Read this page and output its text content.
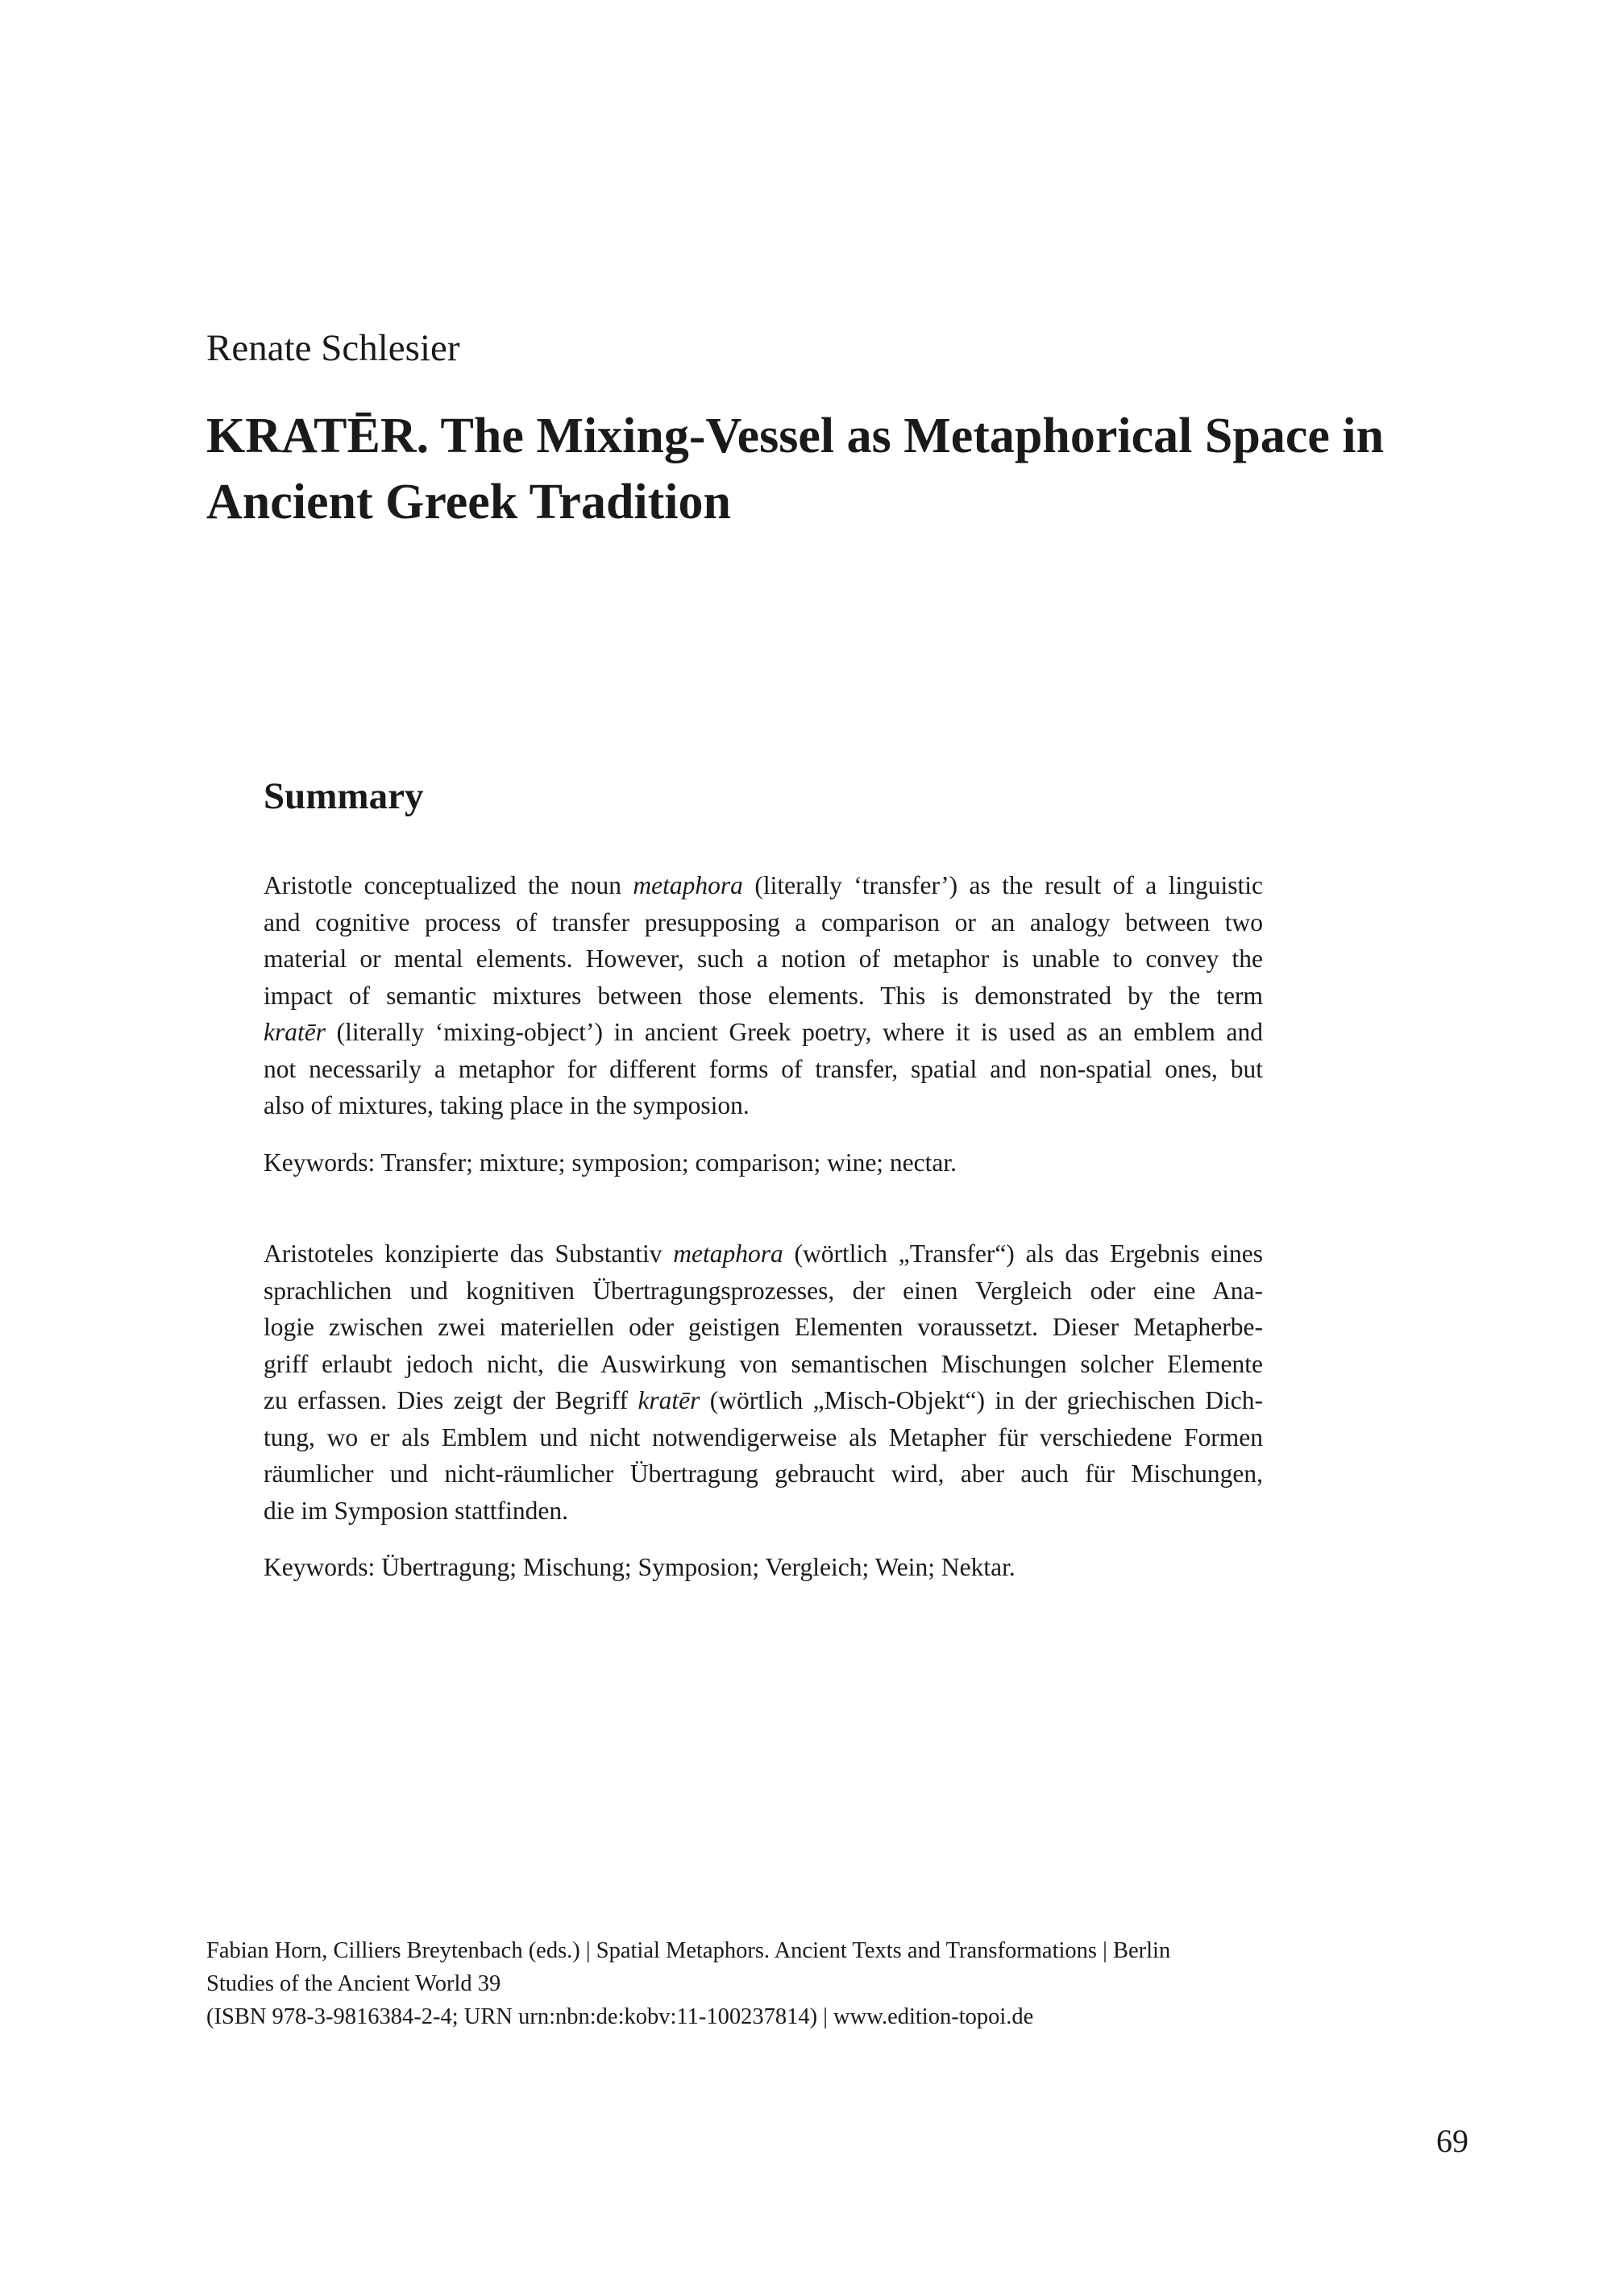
Renate Schlesier

KRATĒR. The Mixing-Vessel as Metaphorical Space in
Ancient Greek Tradition
Summary
Aristotle conceptualized the noun metaphora (literally ‘transfer’) as the result of a linguistic
and cognitive process of transfer presupposing a comparison or an analogy between two
material or mental elements. However, such a notion of metaphor is unable to convey the
impact of semantic mixtures between those elements. This is demonstrated by the term
kratēr (literally ‘mixing-object’) in ancient Greek poetry, where it is used as an emblem and
not necessarily a metaphor for different forms of transfer, spatial and non-spatial ones, but
also of mixtures, taking place in the symposion.

Keywords: Transfer; mixture; symposion; comparison; wine; nectar.

Aristoteles konzipierte das Substantiv metaphora (wörtlich „Transfer“) als das Ergebnis eines
sprachlichen und kognitiven Übertragungsprozesses, der einen Vergleich oder eine Ana-
logie zwischen zwei materiellen oder geistigen Elementen voraussetzt. Dieser Metapherbe-
griff erlaubt jedoch nicht, die Auswirkung von semantischen Mischungen solcher Elemente
zu erfassen. Dies zeigt der Begriff kratēr (wörtlich „Misch-Objekt“) in der griechischen Dich-
tung, wo er als Emblem und nicht notwendigerweise als Metapher für verschiedene Formen
räumlicher und nicht-räumlicher Übertragung gebraucht wird, aber auch für Mischungen,
die im Symposion stattfinden.

Keywords: Übertragung; Mischung; Symposion; Vergleich; Wein; Nektar.

Fabian Horn, Cilliers Breytenbach (eds.) | Spatial Metaphors. Ancient Texts and Transformations | Berlin
Studies of the Ancient World 39
(ISBN 978-3-9816384-2-4; URN urn:nbn:de:kobv:11-100237814) | www.edition-topoi.de

69
